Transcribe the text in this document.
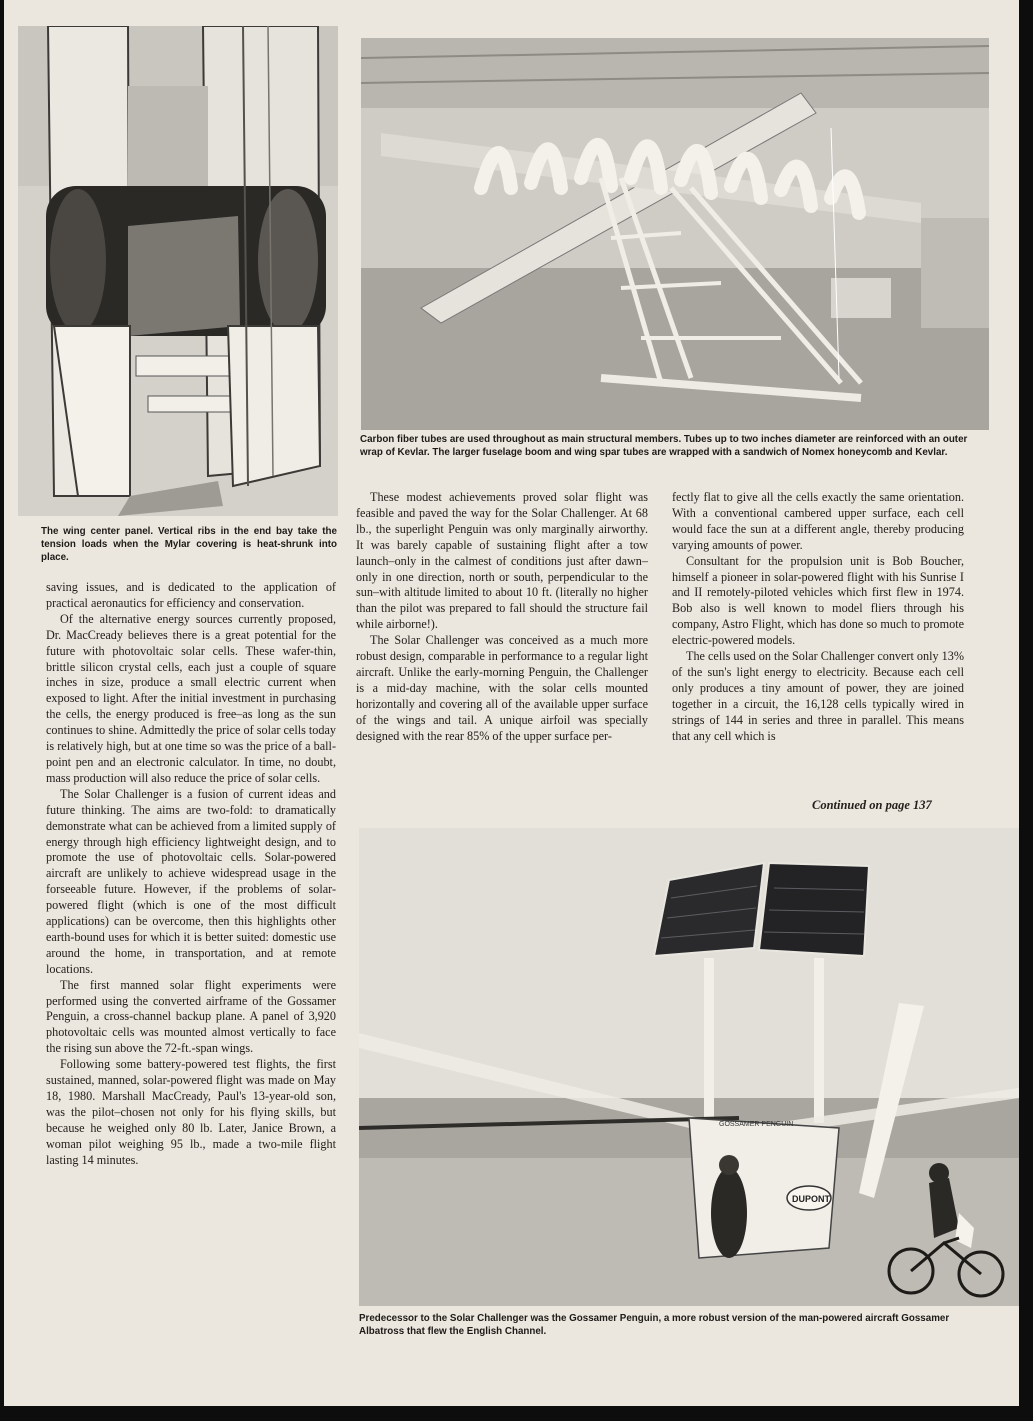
The wing center panel. Vertical ribs in the end bay take the tension loads when the Mylar covering is heat-shrunk into place.

Carbon fiber tubes are used throughout as main structural members. Tubes up to two inches diameter are reinforced with an outer wrap of Kevlar. The larger fuselage boom and wing spar tubes are wrapped with a sandwich of Nomex honeycomb and Kevlar.

GOSSAMER PENGUIN
DUPONT

Predecessor to the Solar Challenger was the Gossamer Penguin, a more robust version of the man-powered aircraft Gossamer Albatross that flew the English Channel.

saving issues, and is dedicated to the application of practical aeronautics for efficiency and conservation.

Of the alternative energy sources currently proposed, Dr. MacCready believes there is a great potential for the future with photovoltaic solar cells. These wafer-thin, brittle silicon crystal cells, each just a couple of square inches in size, produce a small electric current when exposed to light. After the initial investment in purchasing the cells, the energy produced is free–as long as the sun continues to shine. Admittedly the price of solar cells today is relatively high, but at one time so was the price of a ball-point pen and an electronic calculator. In time, no doubt, mass production will also reduce the price of solar cells.

The Solar Challenger is a fusion of current ideas and future thinking. The aims are two-fold: to dramatically demonstrate what can be achieved from a limited supply of energy through high efficiency lightweight design, and to promote the use of photovoltaic cells. Solar-powered aircraft are unlikely to achieve widespread usage in the forseeable future. However, if the problems of solar-powered flight (which is one of the most difficult applications) can be overcome, then this highlights other earth-bound uses for which it is better suited: domestic use around the home, in transportation, and at remote locations.

The first manned solar flight experiments were performed using the converted airframe of the Gossamer Penguin, a cross-channel backup plane. A panel of 3,920 photovoltaic cells was mounted almost vertically to face the rising sun above the 72-ft.-span wings.

Following some battery-powered test flights, the first sustained, manned, solar-powered flight was made on May 18, 1980. Marshall MacCready, Paul's 13-year-old son, was the pilot–chosen not only for his flying skills, but because he weighed only 80 lb. Later, Janice Brown, a woman pilot weighing 95 lb., made a two-mile flight lasting 14 minutes.

These modest achievements proved solar flight was feasible and paved the way for the Solar Challenger. At 68 lb., the superlight Penguin was only marginally airworthy. It was barely capable of sustaining flight after a tow launch–only in the calmest of conditions just after dawn–only in one direction, north or south, perpendicular to the sun–with altitude limited to about 10 ft. (literally no higher than the pilot was prepared to fall should the structure fail while airborne!).

The Solar Challenger was conceived as a much more robust design, comparable in performance to a regular light aircraft. Unlike the early-morning Penguin, the Challenger is a mid-day machine, with the solar cells mounted horizontally and covering all of the available upper surface of the wings and tail. A unique airfoil was specially designed with the rear 85% of the upper surface per-

fectly flat to give all the cells exactly the same orientation. With a conventional cambered upper surface, each cell would face the sun at a different angle, thereby producing varying amounts of power.

Consultant for the propulsion unit is Bob Boucher, himself a pioneer in solar-powered flight with his Sunrise I and II remotely-piloted vehicles which first flew in 1974. Bob also is well known to model fliers through his company, Astro Flight, which has done so much to promote electric-powered models.

The cells used on the Solar Challenger convert only 13% of the sun's light energy to electricity. Because each cell only produces a tiny amount of power, they are joined together in a circuit, the 16,128 cells typically wired in strings of 144 in series and three in parallel. This means that any cell which is

Continued on page 137
